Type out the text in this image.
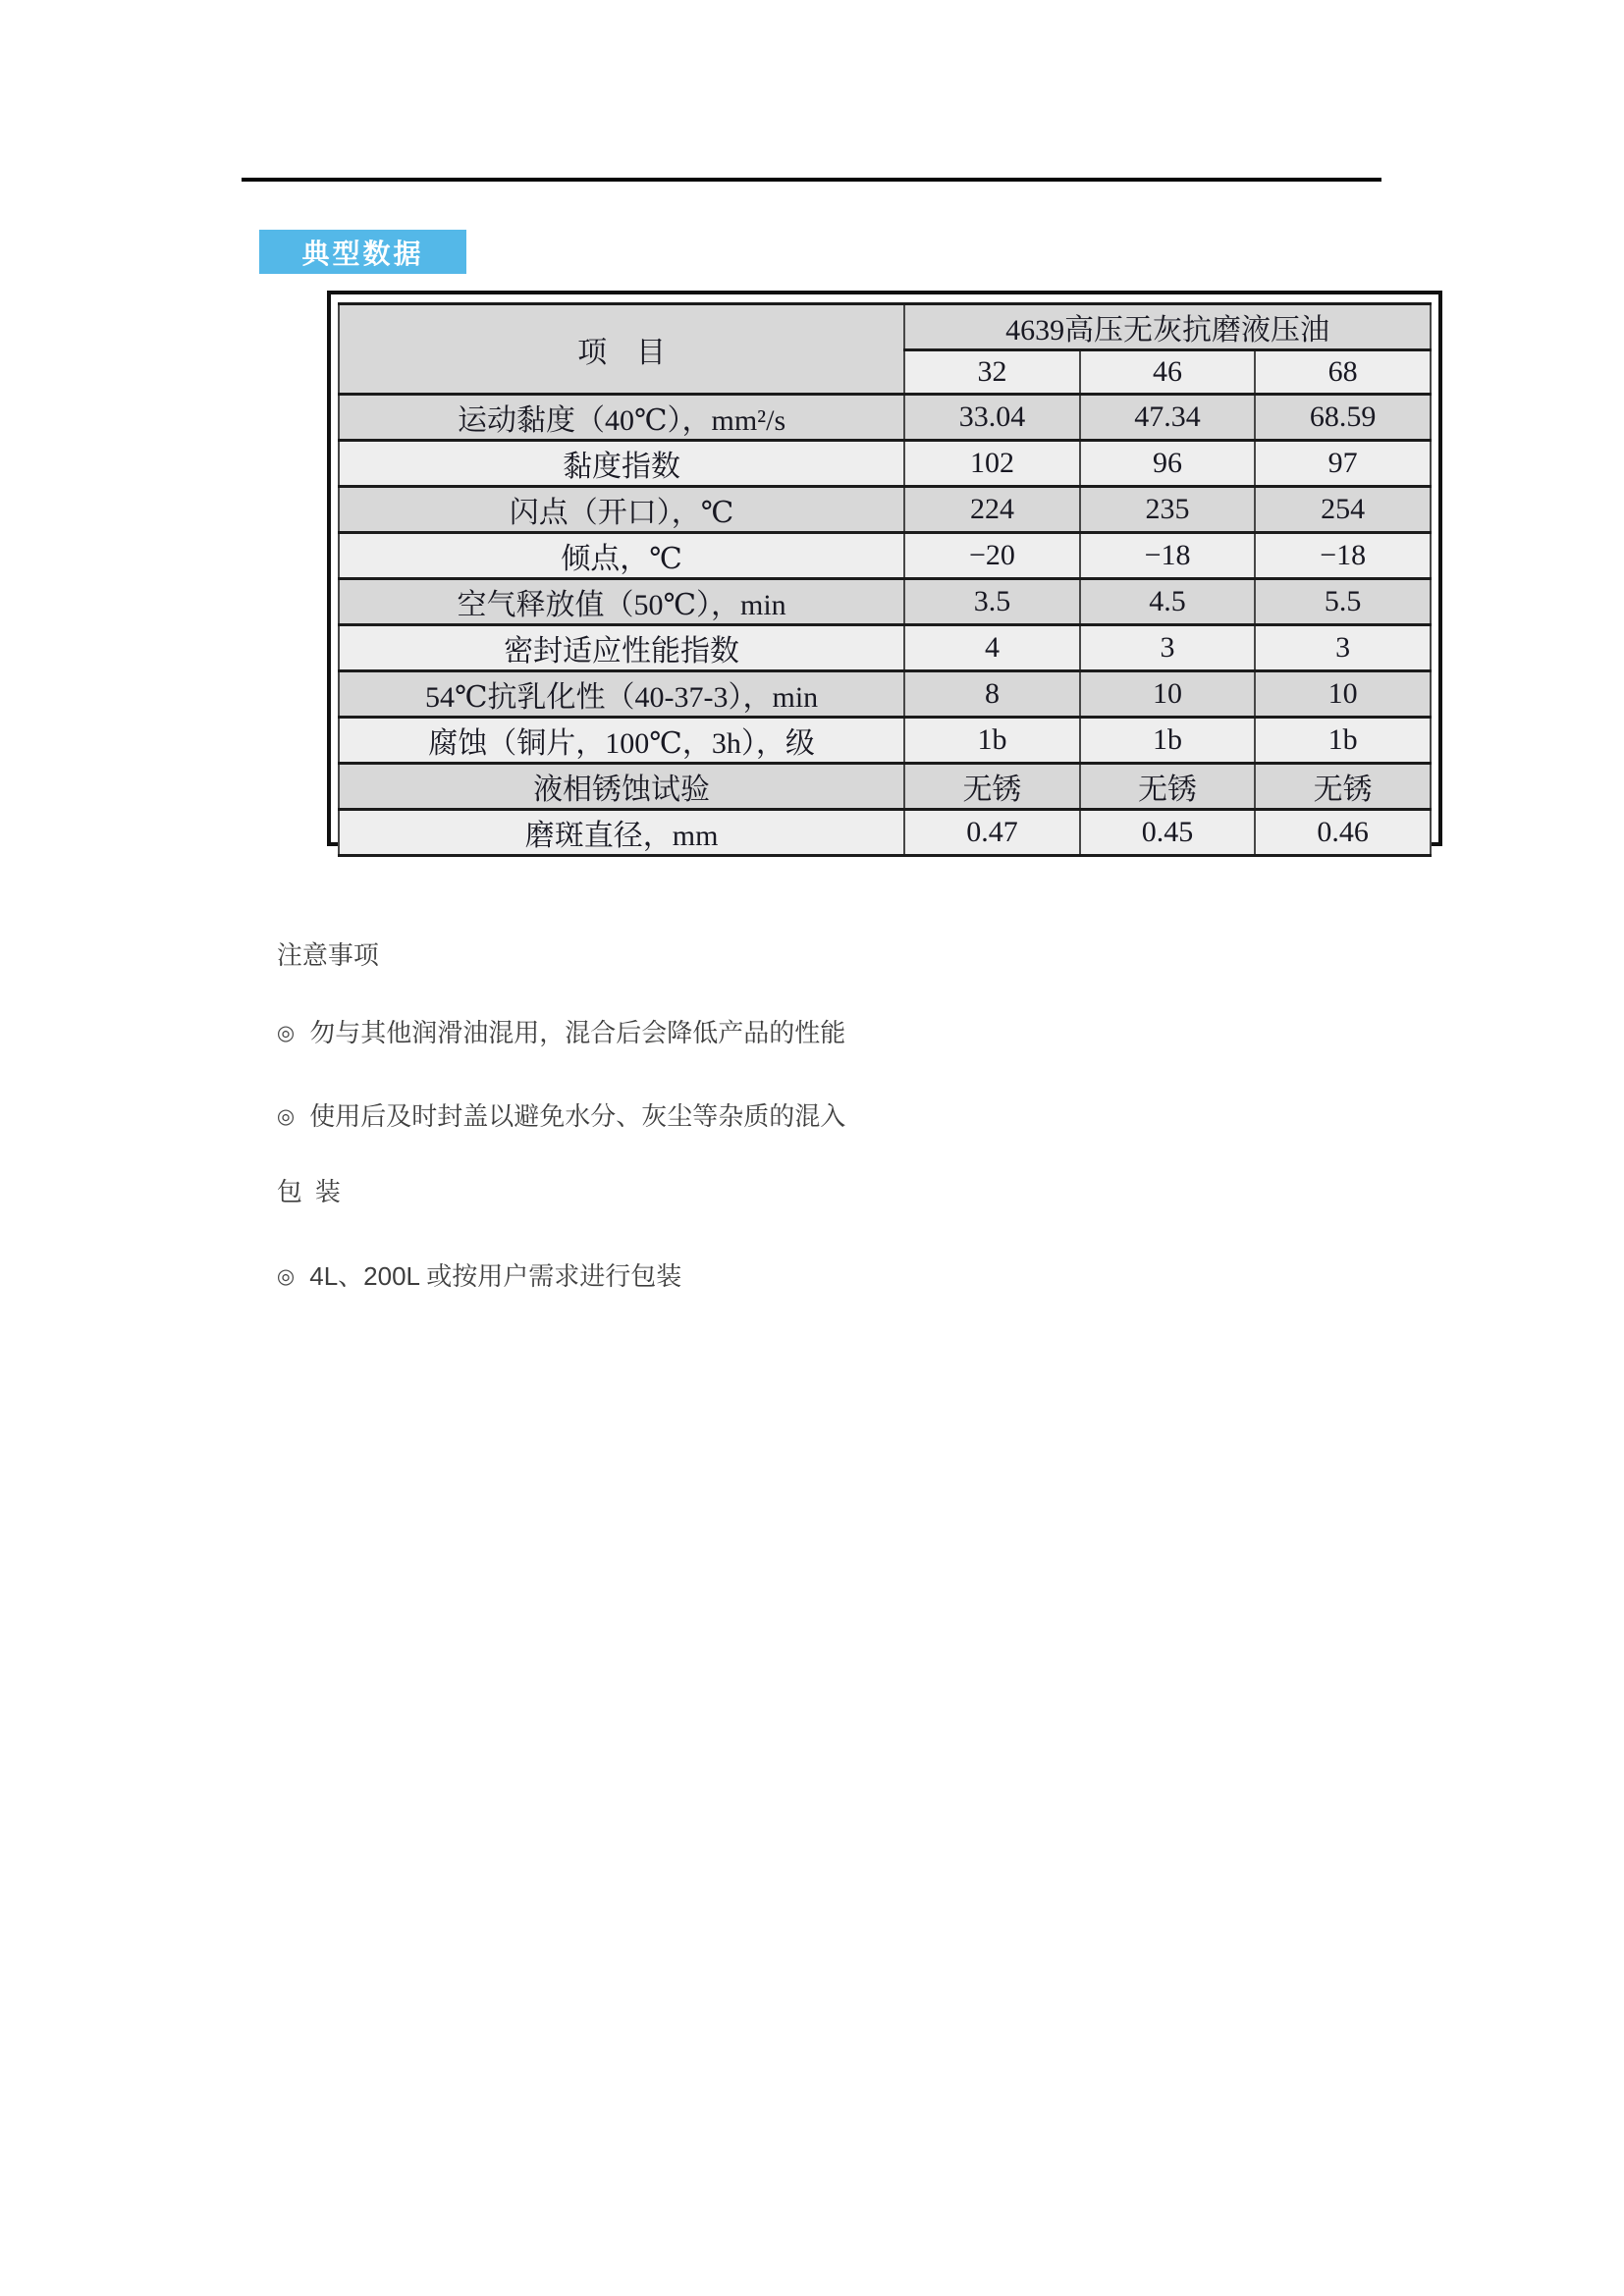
典型数据
项　目	4639高压无灰抗磨液压油		
	32	46	68
运动黏度（40℃），mm²/s	33.04	47.34	68.59
黏度指数	102	96	97
闪点（开口），℃	224	235	254
倾点，℃	−20	−18	−18
空气释放值（50℃），min	3.5	4.5	5.5
密封适应性能指数	4	3	3
54℃抗乳化性（40-37-3），min	8	10	10
腐蚀（铜片，100℃，3h），级	1b	1b	1b
液相锈蚀试验	无锈	无锈	无锈
磨斑直径，mm	0.47	0.45	0.46

注意事项

◎ 勿与其他润滑油混用，混合后会降低产品的性能

◎ 使用后及时封盖以避免水分、灰尘等杂质的混入

包 装

◎ 4L、200L 或按用户需求进行包装
